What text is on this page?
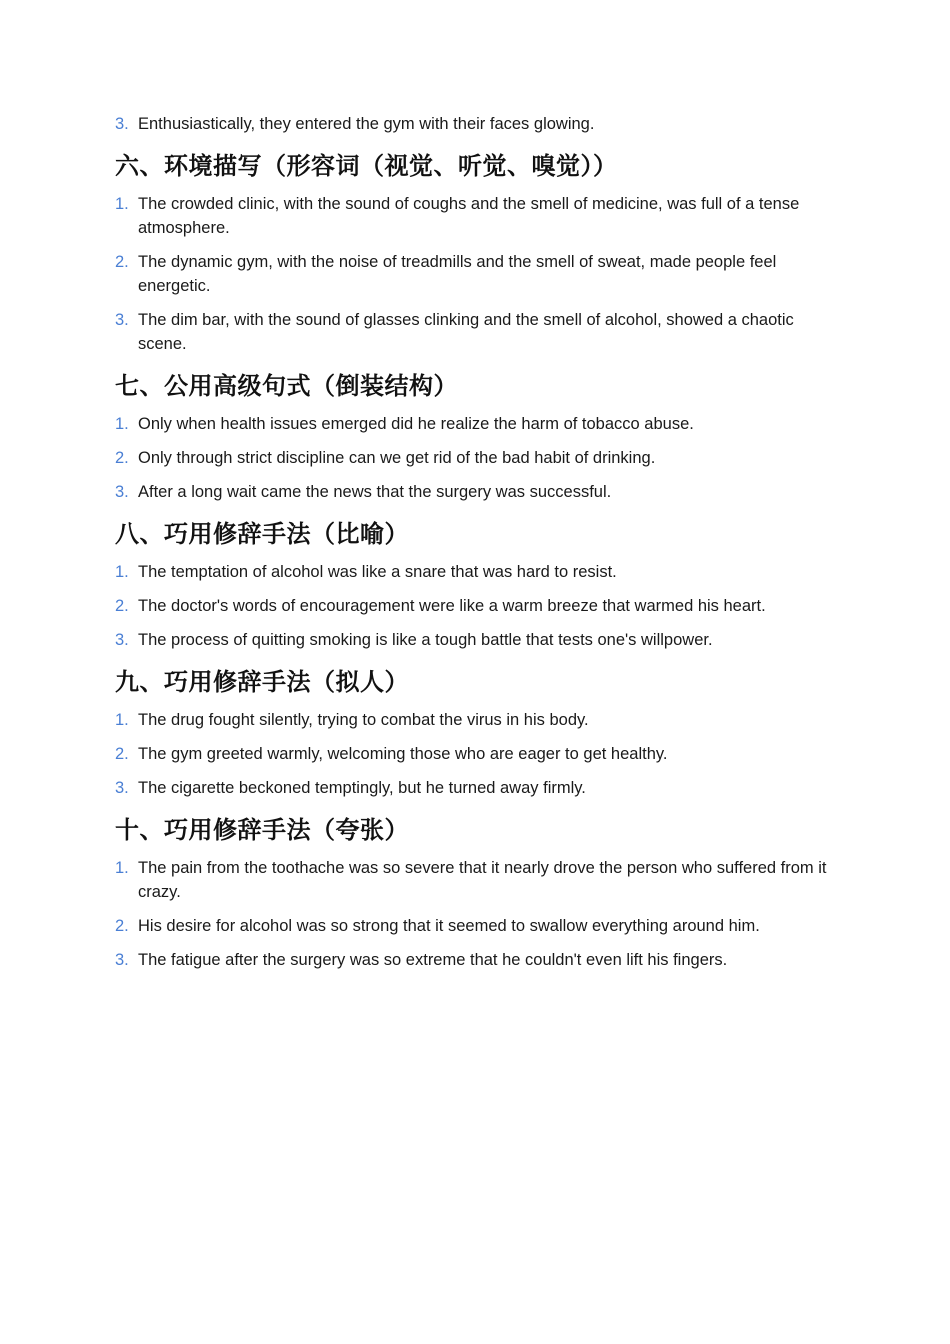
3. Enthusiastically, they entered the gym with their faces glowing.
六、环境描写（形容词（视觉、听觉、嗅觉））
1. The crowded clinic, with the sound of coughs and the smell of medicine, was full of a tense atmosphere.
2. The dynamic gym, with the noise of treadmills and the smell of sweat, made people feel energetic.
3. The dim bar, with the sound of glasses clinking and the smell of alcohol, showed a chaotic scene.
七、公用高级句式（倒装结构）
1. Only when health issues emerged did he realize the harm of tobacco abuse.
2. Only through strict discipline can we get rid of the bad habit of drinking.
3. After a long wait came the news that the surgery was successful.
八、巧用修辞手法（比喻）
1. The temptation of alcohol was like a snare that was hard to resist.
2. The doctor's words of encouragement were like a warm breeze that warmed his heart.
3. The process of quitting smoking is like a tough battle that tests one's willpower.
九、巧用修辞手法（拟人）
1. The drug fought silently, trying to combat the virus in his body.
2. The gym greeted warmly, welcoming those who are eager to get healthy.
3. The cigarette beckoned temptingly, but he turned away firmly.
十、巧用修辞手法（夸张）
1. The pain from the toothache was so severe that it nearly drove the person who suffered from it crazy.
2. His desire for alcohol was so strong that it seemed to swallow everything around him.
3. The fatigue after the surgery was so extreme that he couldn't even lift his fingers.
